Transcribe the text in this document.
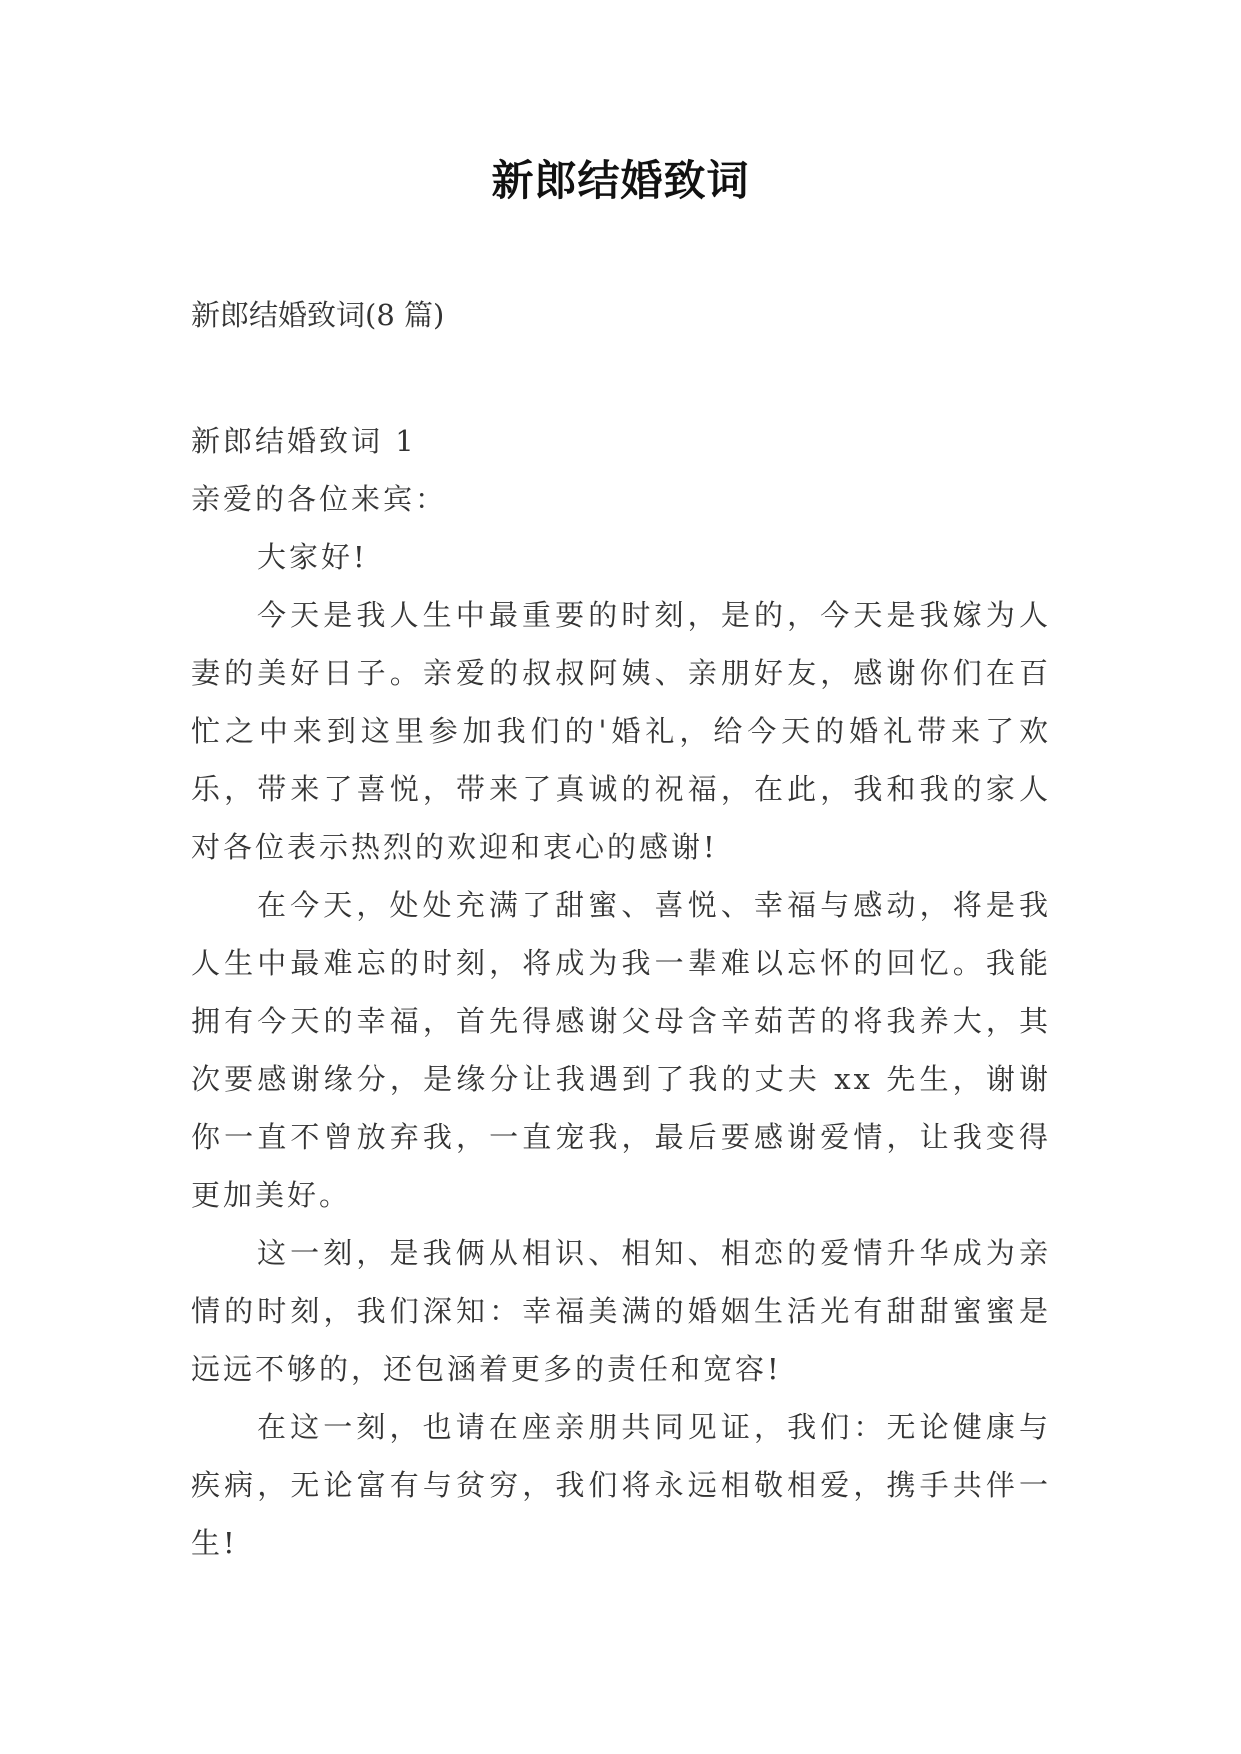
新郎结婚致词
新郎结婚致词(8 篇)

新郎结婚致词 1

亲爱的各位来宾：

大家好!

今天是我人生中最重要的时刻，是的，今天是我嫁为人妻的美好日子。亲爱的叔叔阿姨、亲朋好友，感谢你们在百忙之中来到这里参加我们的'婚礼，给今天的婚礼带来了欢乐，带来了喜悦，带来了真诚的祝福，在此，我和我的家人对各位表示热烈的欢迎和衷心的感谢!

在今天，处处充满了甜蜜、喜悦、幸福与感动，将是我人生中最难忘的时刻，将成为我一辈难以忘怀的回忆。我能拥有今天的幸福，首先得感谢父母含辛茹苦的将我养大，其次要感谢缘分，是缘分让我遇到了我的丈夫 xx 先生，谢谢你一直不曾放弃我，一直宠我，最后要感谢爱情，让我变得更加美好。

这一刻，是我俩从相识、相知、相恋的爱情升华成为亲情的时刻，我们深知：幸福美满的婚姻生活光有甜甜蜜蜜是远远不够的，还包涵着更多的责任和宽容!

在这一刻，也请在座亲朋共同见证，我们：无论健康与疾病，无论富有与贫穷，我们将永远相敬相爱，携手共伴一生!
